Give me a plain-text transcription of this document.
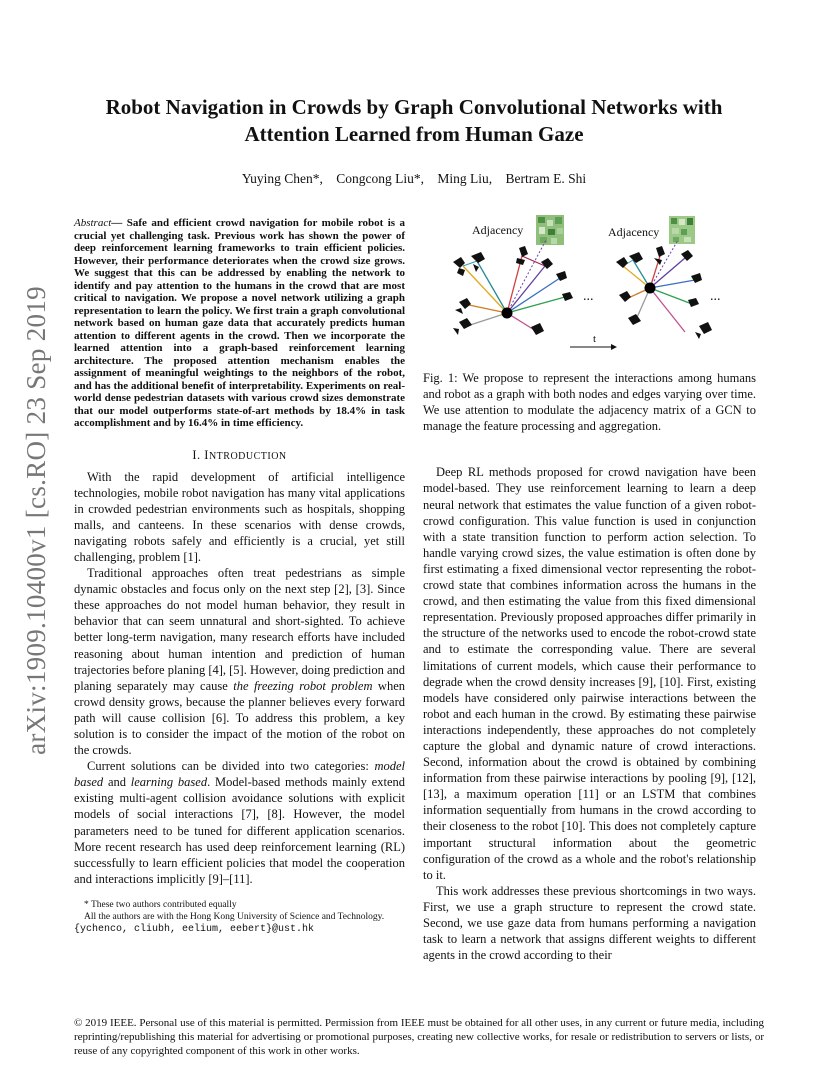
arXiv:1909.10400v1 [cs.RO] 23 Sep 2019
Robot Navigation in Crowds by Graph Convolutional Networks with
Attention Learned from Human Gaze
Yuying Chen*, Congcong Liu*, Ming Liu, Bertram E. Shi

Abstract— Safe and efficient crowd navigation for mobile robot is a crucial yet challenging task. Previous work has shown the power of deep reinforcement learning frameworks to train efficient policies. However, their performance deteriorates when the crowd size grows. We suggest that this can be addressed by enabling the network to identify and pay attention to the humans in the crowd that are most critical to navigation. We propose a novel network utilizing a graph representation to learn the policy. We first train a graph convolutional network based on human gaze data that accurately predicts human attention to different agents in the crowd. Then we incorporate the learned attention into a graph-based reinforcement learning architecture. The proposed attention mechanism enables the assignment of meaningful weightings to the neighbors of the robot, and has the additional benefit of interpretability. Experiments on real-world dense pedestrian datasets with various crowd sizes demonstrate that our model outperforms state-of-art methods by 18.4% in task accomplishment and by 16.4% in time efficiency.

I. INTRODUCTION

With the rapid development of artificial intelligence technologies, mobile robot navigation has many vital applications in crowded pedestrian environments such as hospitals, shopping malls, and canteens. In these scenarios with dense crowds, navigating robots safely and efficiently is a crucial, yet still challenging, problem [1].

Traditional approaches often treat pedestrians as simple dynamic obstacles and focus only on the next step [2], [3]. Since these approaches do not model human behavior, they result in behavior that can seem unnatural and short-sighted. To achieve better long-term navigation, many research efforts have included reasoning about human intention and prediction of human trajectories before planing [4], [5]. However, doing prediction and planing separately may cause the freezing robot problem when crowd density grows, because the planner believes every forward path will cause collision [6]. To address this problem, a key solution is to consider the impact of the motion of the robot on the crowds.

Current solutions can be divided into two categories: model based and learning based. Model-based methods mainly extend existing multi-agent collision avoidance solutions with explicit models of social interactions [7], [8]. However, the model parameters need to be tuned for different application scenarios. More recent research has used deep reinforcement learning (RL) successfully to learn efficient policies that model the cooperation and interactions implicitly [9]–[11].

* These two authors contributed equally
All the authors are with the Hong Kong University of Science and Technology. {ychenco, cliubh, eelium, eebert}@ust.hk
Adjacency
...
Adjacency
...
t

Fig. 1: We propose to represent the interactions among humans and robot as a graph with both nodes and edges varying over time. We use attention to modulate the adjacency matrix of a GCN to manage the feature processing and aggregation.

Deep RL methods proposed for crowd navigation have been model-based. They use reinforcement learning to learn a deep neural network that estimates the value function of a given robot-crowd configuration. This value function is used in conjunction with a state transition function to perform action selection. To handle varying crowd sizes, the value estimation is often done by first estimating a fixed dimensional vector representing the robot-crowd state that combines information across the humans in the crowd, and then estimating the value from this fixed dimensional representation. Previously proposed approaches differ primarily in the structure of the networks used to encode the robot-crowd state and to estimate the corresponding value. There are several limitations of current models, which cause their performance to degrade when the crowd density increases [9], [10]. First, existing models have considered only pairwise interactions between the robot and each human in the crowd. By estimating these pairwise interactions independently, these approaches do not completely capture the global and dynamic nature of crowd interactions. Second, information about the crowd is obtained by combining information from these pairwise interactions by pooling [9], [12], [13], a maximum operation [11] or an LSTM that combines information sequentially from humans in the crowd according to their closeness to the robot [10]. This does not completely capture important structural information about the geometric configuration of the crowd as a whole and the robot's relationship to it.

This work addresses these previous shortcomings in two ways. First, we use a graph structure to represent the crowd state. Second, we use gaze data from humans performing a navigation task to learn a network that assigns different weights to different agents in the crowd according to their

© 2019 IEEE. Personal use of this material is permitted. Permission from IEEE must be obtained for all other uses, in any current or future media, including reprinting/republishing this material for advertising or promotional purposes, creating new collective works, for resale or redistribution to servers or lists, or reuse of any copyrighted component of this work in other works.
